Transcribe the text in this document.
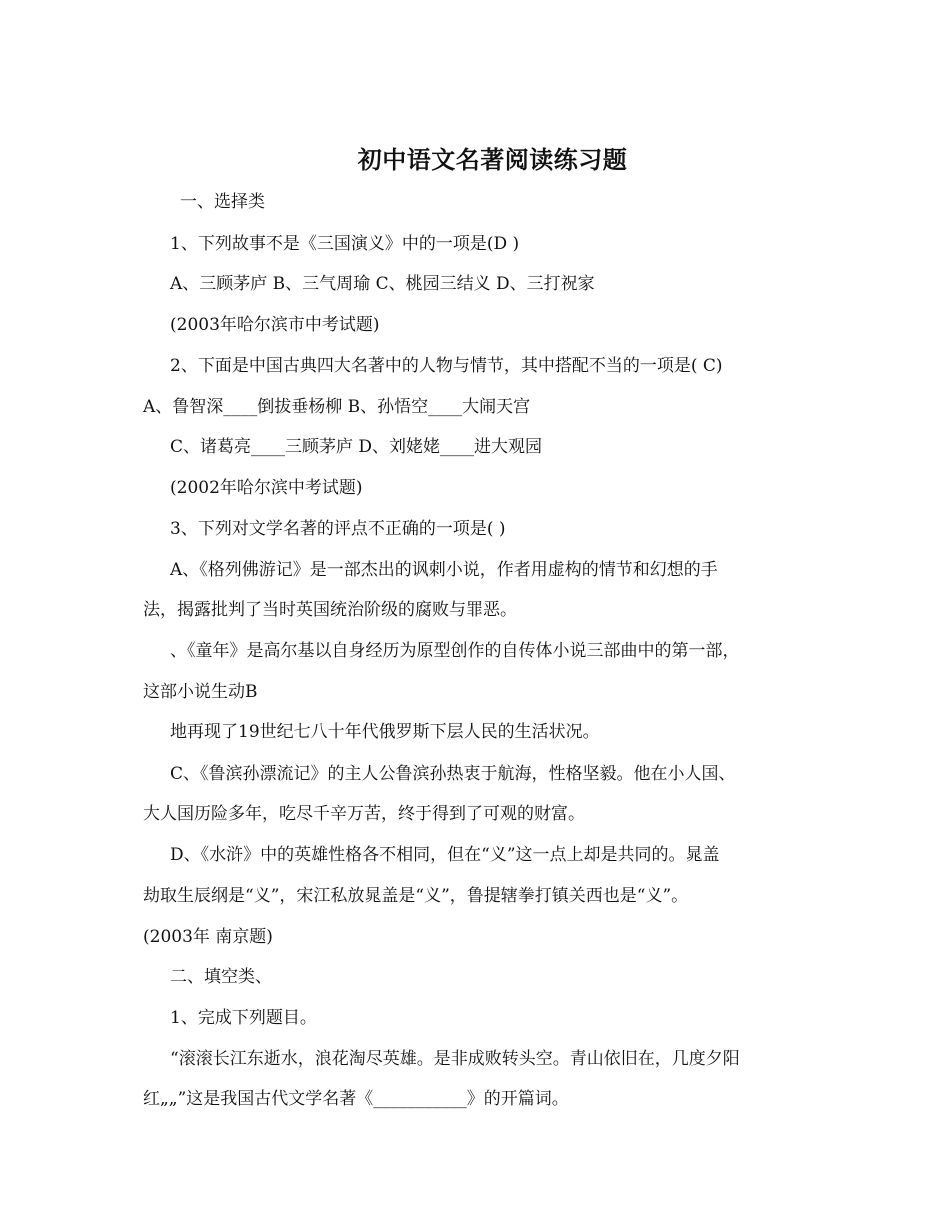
初中语文名著阅读练习题
一、选择类
1、下列故事不是《三国演义》中的一项是(D )
A、三顾茅庐 B、三气周瑜 C、桃园三结义 D、三打祝家
(2003年哈尔滨市中考试题)
2、下面是中国古典四大名著中的人物与情节，其中搭配不当的一项是( C)
A、鲁智深____倒拔垂杨柳 B、孙悟空____大闹天宫
C、诸葛亮____三顾茅庐 D、刘姥姥____进大观园
(2002年哈尔滨中考试题)
3、下列对文学名著的评点不正确的一项是( )
A、《格列佛游记》是一部杰出的讽刺小说，作者用虚构的情节和幻想的手
法，揭露批判了当时英国统治阶级的腐败与罪恶。
、《童年》是高尔基以自身经历为原型创作的自传体小说三部曲中的第一部，
这部小说生动B
地再现了19世纪七八十年代俄罗斯下层人民的生活状况。
C、《鲁滨孙漂流记》的主人公鲁滨孙热衷于航海，性格坚毅。他在小人国、
大人国历险多年，吃尽千辛万苦，终于得到了可观的财富。
D、《水浒》中的英雄性格各不相同，但在“义”这一点上却是共同的。晁盖
劫取生辰纲是“义”，宋江私放晁盖是“义”，鲁提辖拳打镇关西也是“义”。
(2003年 南京题)
二、填空类、
1、完成下列题目。
“滚滚长江东逝水，浪花淘尽英雄。是非成败转头空。青山依旧在，几度夕阳
红„„”这是我国古代文学名著《___________》的开篇词。
